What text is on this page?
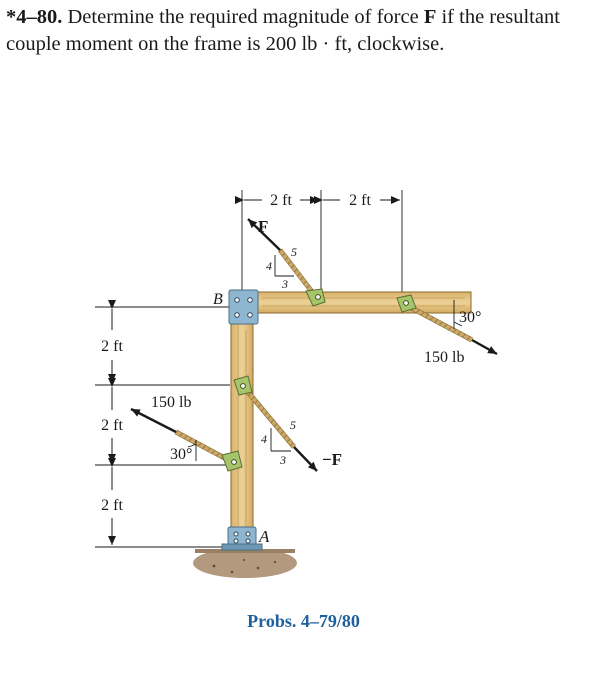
*4–80. Determine the required magnitude of force F if the resultant couple moment on the frame is 200 lb · ft, clockwise.
2 ft	2 ft
2 ft
2 ft
2 ft
B
A
F
4
3
5
−F
4
3
5
30°
150 lb
30°
150 lb
Probs. 4–79/80
